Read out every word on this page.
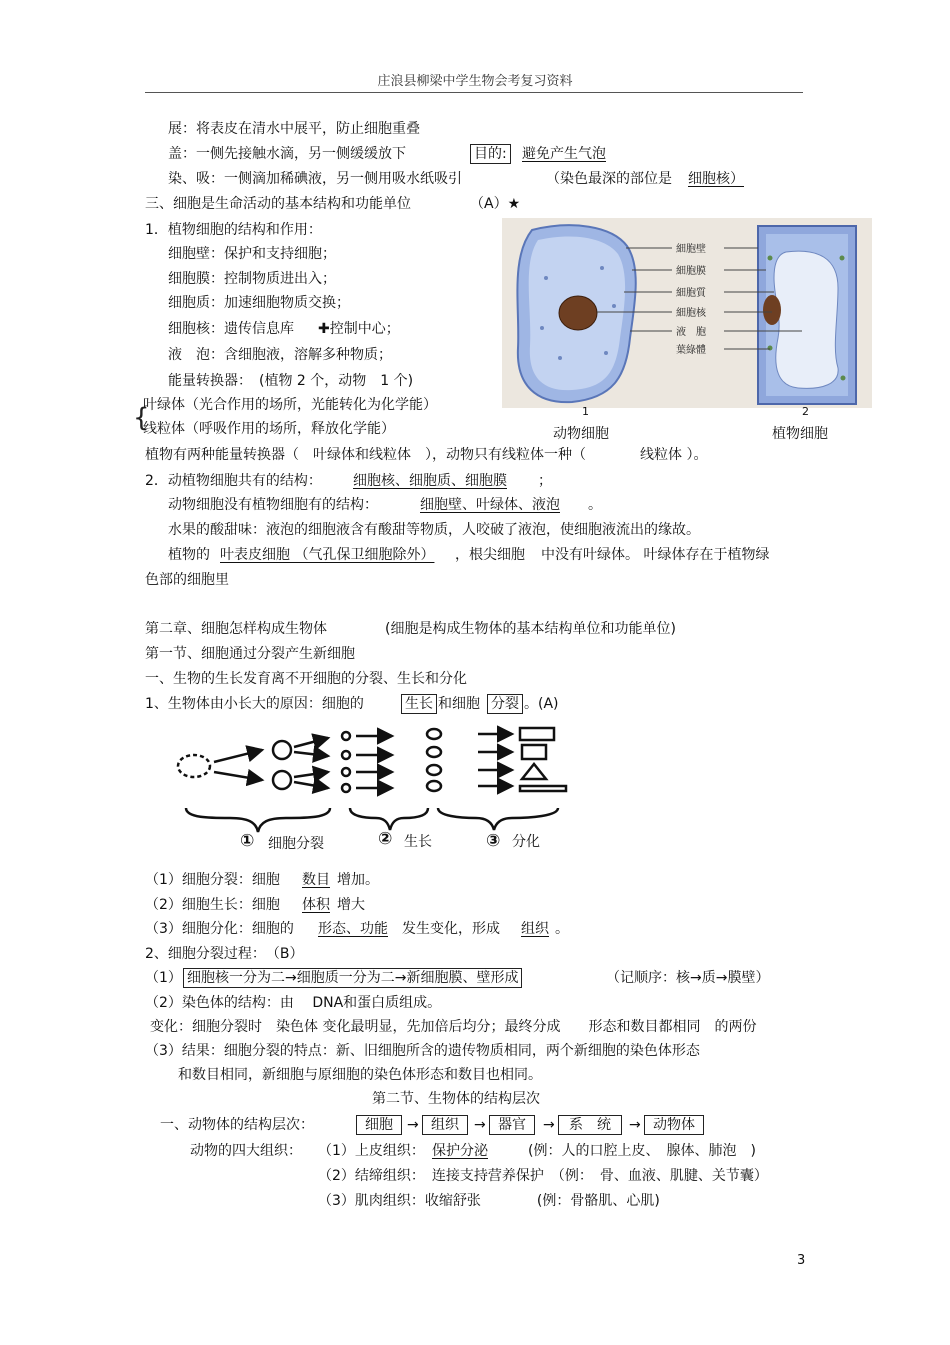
庄浪县柳梁中学生物会考复习资料
展：将表皮在清水中展平，防止细胞重叠
盖：一侧先接触水滴，另一侧缓缓放下	目的: 避免产生气泡
染、吸：一侧滴加稀碘液，另一侧用吸水纸吸引	（染色最深的部位是 细胞核）
三、细胞是生命活动的基本结构和功能单位	（A）★
1．植物细胞的结构和作用：
细胞壁：保护和支持细胞；
细胞膜：控制物质进出入；
细胞质：加速细胞物质交换；
细胞核：遗传信息库 ✚控制中心；
液　泡：含细胞液，溶解多种物质；
能量转换器：　(植物 2 个，动物　1 个)
{
叶绿体（光合作用的场所，光能转化为化学能）
线粒体（呼吸作用的场所，释放化学能）
植物有两种能量转换器（　叶绿体和线粒体　），动物只有线粒体一种（	线粒体 ）。
2．动植物细胞共有的结构： 细胞核、细胞质、细胞膜 ；
动物细胞没有植物细胞有的结构：	细胞壁、叶绿体、液泡 。
水果的酸甜味：液泡的细胞液含有酸甜等物质，人咬破了液泡，使细胞液流出的缘故。
植物的 叶表皮细胞 （气孔保卫细胞除外） ，根尖细胞 中没有叶绿体。 叶绿体存在于植物绿
色部的细胞里
細胞壁
細胞膜
細胞質
細胞核
液　胞
葉綠體
1	2
动物细胞	植物细胞
第二章、细胞怎样构成生物体	(细胞是构成生物体的基本结构单位和功能单位)
第一节、细胞通过分裂产生新细胞
一、生物的生长发育离不开细胞的分裂、生长和分化
1、生物体由小长大的原因：细胞的	生长 和细胞 分裂 。(A)
① 细胞分裂	② 生长	③ 分化
（1）细胞分裂：细胞 数目 增加。
（2）细胞生长：细胞 体积 增大
（3）细胞分化：细胞的 形态、功能 发生变化，形成 组织 。
2、细胞分裂过程：　（B）
（1） 细胞核一分为二→细胞质一分为二→新细胞膜、壁形成	（记顺序：核→质→膜壁）
（2）染色体的结构：由　 DNA和蛋白质组成。
变化：细胞分裂时　染色体 变化最明显，先加倍后均分；最终分成　　形态和数目都相同　的两份
（3）结果：细胞分裂的特点：新、旧细胞所含的遗传物质相同，两个新细胞的染色体形态
和数目相同，新细胞与原细胞的染色体形态和数目也相同。
第二节、生物体的结构层次
一、动物体的结构层次：	细胞	→ 组织	→ 器官	→	系　统	→ 动物体
动物的四大组织： （1）上皮组织： 保护分泌	(例：人的口腔上皮、　腺体、肺泡　)
（2）结缔组织：　连接支持营养保护　（例：　骨、血液、肌腱、关节囊）
（3）肌肉组织：收缩舒张　　　　(例：骨骼肌、心肌)
3
